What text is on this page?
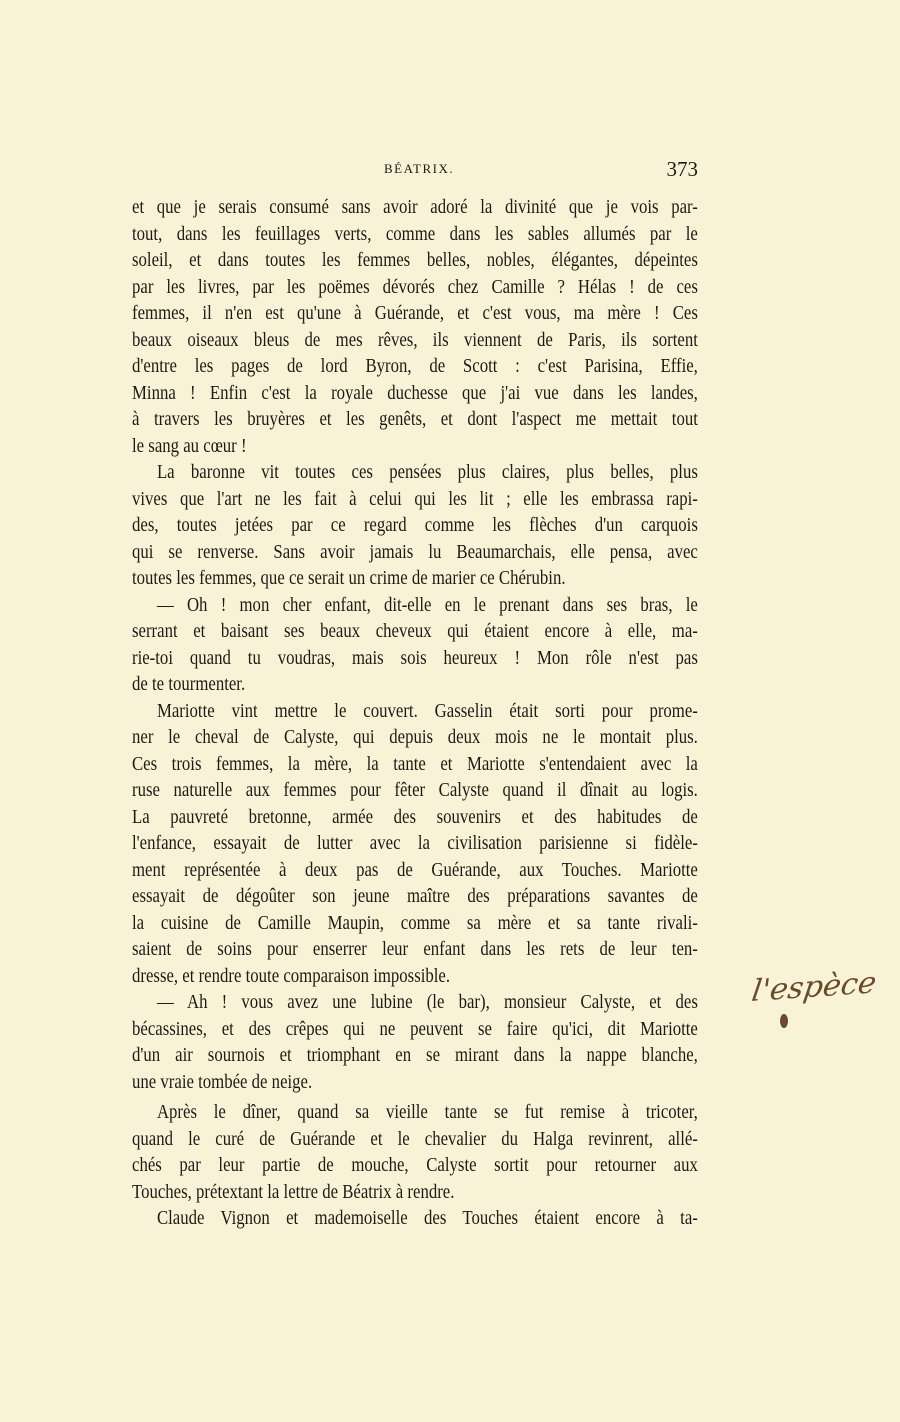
BÉATRIX.	373
et que je serais consumé sans avoir adoré la divinité que je vois par-
tout, dans les feuillages verts, comme dans les sables allumés par le
soleil, et dans toutes les femmes belles, nobles, élégantes, dépeintes
par les livres, par les poëmes dévorés chez Camille ? Hélas ! de ces
femmes, il n'en est qu'une à Guérande, et c'est vous, ma mère ! Ces
beaux oiseaux bleus de mes rêves, ils viennent de Paris, ils sortent
d'entre les pages de lord Byron, de Scott : c'est Parisina, Effie,
Minna ! Enfin c'est la royale duchesse que j'ai vue dans les landes,
à travers les bruyères et les genêts, et dont l'aspect me mettait tout
le sang au cœur !
La baronne vit toutes ces pensées plus claires, plus belles, plus
vives que l'art ne les fait à celui qui les lit ; elle les embrassa rapi-
des, toutes jetées par ce regard comme les flèches d'un carquois
qui se renverse. Sans avoir jamais lu Beaumarchais, elle pensa, avec
toutes les femmes, que ce serait un crime de marier ce Chérubin.
— Oh ! mon cher enfant, dit-elle en le prenant dans ses bras, le
serrant et baisant ses beaux cheveux qui étaient encore à elle, ma-
rie-toi quand tu voudras, mais sois heureux ! Mon rôle n'est pas
de te tourmenter.
Mariotte vint mettre le couvert. Gasselin était sorti pour prome-
ner le cheval de Calyste, qui depuis deux mois ne le montait plus.
Ces trois femmes, la mère, la tante et Mariotte s'entendaient avec la
ruse naturelle aux femmes pour fêter Calyste quand il dînait au logis.
La pauvreté bretonne, armée des souvenirs et des habitudes de
l'enfance, essayait de lutter avec la civilisation parisienne si fidèle-
ment représentée à deux pas de Guérande, aux Touches. Mariotte
essayait de dégoûter son jeune maître des préparations savantes de
la cuisine de Camille Maupin, comme sa mère et sa tante rivali-
saient de soins pour enserrer leur enfant dans les rets de leur ten-
dresse, et rendre toute comparaison impossible.
— Ah ! vous avez une lubine (le bar), monsieur Calyste, et des
bécassines, et des crêpes qui ne peuvent se faire qu'ici, dit Mariotte
d'un air sournois et triomphant en se mirant dans la nappe blanche,
une vraie tombée de neige.
Après le dîner, quand sa vieille tante se fut remise à tricoter,
quand le curé de Guérande et le chevalier du Halga revinrent, allé-
chés par leur partie de mouche, Calyste sortit pour retourner aux
Touches, prétextant la lettre de Béatrix à rendre.
Claude Vignon et mademoiselle des Touches étaient encore à ta-
l'espèce
